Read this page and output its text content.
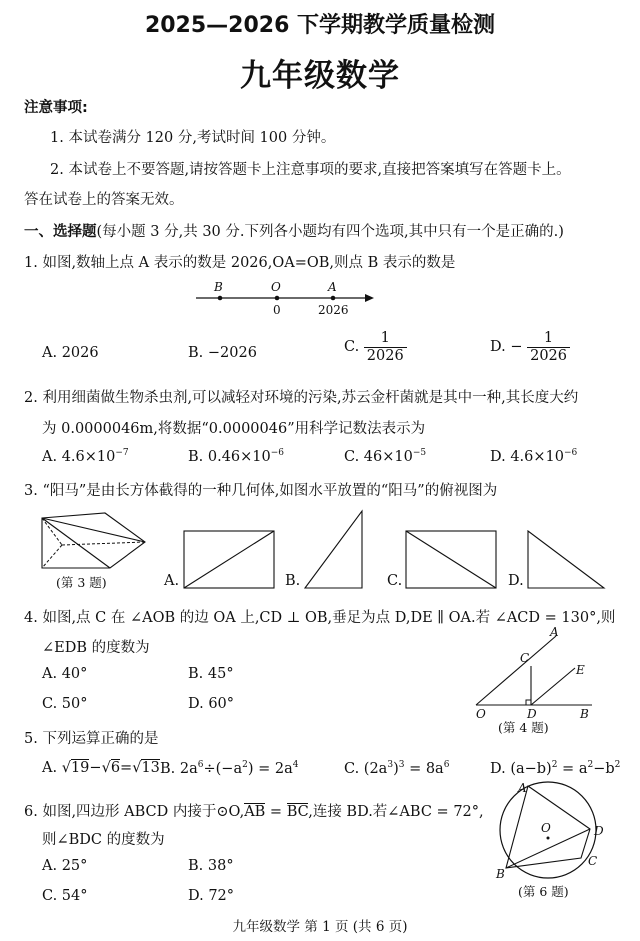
2025—2026 下学期教学质量检测
九年级数学
注意事项:
1. 本试卷满分 120 分,考试时间 100 分钟。
2. 本试卷上不要答题,请按答题卡上注意事项的要求,直接把答案填写在答题卡上。
答在试卷上的答案无效。
一、选择题(每小题 3 分,共 30 分.下列各小题均有四个选项,其中只有一个是正确的.)
1. 如图,数轴上点 A 表示的数是 2026,OA=OB,则点 B 表示的数是
B	O	A
0	2026
A. 2026	B. −2026	C. $\frac{1}{2026}$	D. − $\frac{1}{2026}$
2. 利用细菌做生物杀虫剂,可以减轻对环境的污染,苏云金杆菌就是其中一种,其长度大约
为 0.0000046m,将数据“0.0000046”用科学记数法表示为
A. $4.6\times 10^{-7}$	B. $0.46\times 10^{-6}$	C. $46\times 10^{-5}$	D. $4.6\times 10^{-6}$
3. “阳马”是由长方体截得的一种几何体,如图水平放置的“阳马”的俯视图为
(第 3 题)	A.	B.	C.	D.
4. 如图,点 C 在 ∠AOB 的边 OA 上,CD ⊥ OB,垂足为点 D,DE ∥ OA.若 ∠ACD = 130°,则
∠EDB 的度数为
A. 40°	B. 45°
C. 50°	D. 60°
A
C
E
O	D	B
(第 4 题)
5. 下列运算正确的是
A. √19−√6=√13 B. $2a^6\div(-a^2) = 2a^4$	C. $(2a^3)^3 = 8a^6$	D. $(a-b)^2 = a^2-b^2$
6. 如图,四边形 ABCD 内接于⊙O,AB = BC,连接 BD.若∠ABC = 72°,
则∠BDC 的度数为
A. 25°	B. 38°
C. 54°	D. 72°
A
O	D
C
B
(第 6 题)
九年级数学 第 1 页 (共 6 页)
